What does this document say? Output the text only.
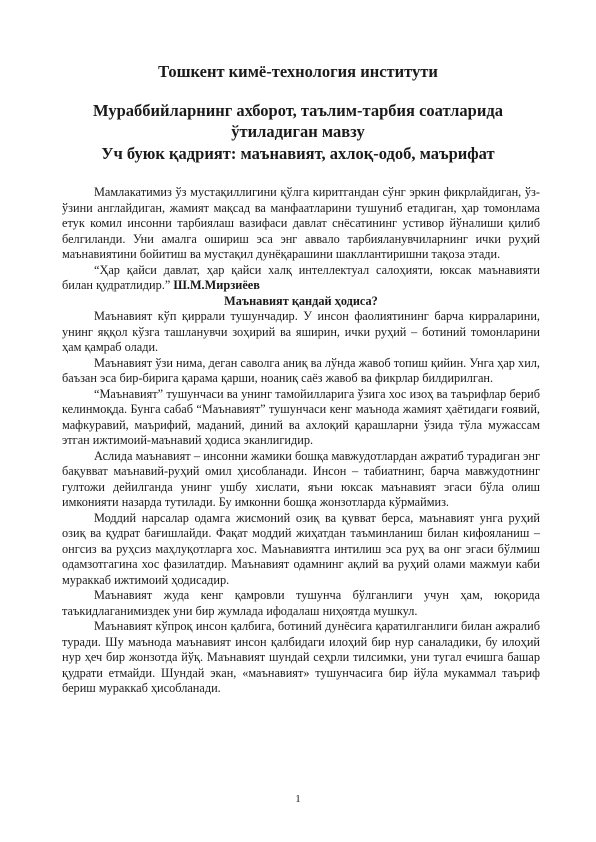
Тошкент кимё-технология институти
Мураббийларнинг ахборот, таълим-тарбия соатларида
ўтиладиган мавзу
Уч буюк қадрият: маънавият, ахлоқ-одоб, маърифат

Мамлакатимиз ўз мустақиллигини қўлга киритгандан сўнг эркин фикрлайдиган, ўз-ўзини англайдиган, жамият мақсад ва манфаатларини тушуниб етадиган, ҳар томонлама етук комил инсонни тарбиялаш вазифаси давлат снёсатининг устивор йўналиши қилиб белгиланди. Уни амалга ошириш эса энг аввало тарбияланувчиларнинг ички руҳий маънавиятини бойитиш ва мустақил дунёқарашини шакллантиришни тақоза этади.

“Ҳар қайси давлат, ҳар қайси халқ интеллектуал салоҳияти, юксак маънавияти билан қудратлидир.” Ш.М.Мирзиёев

Маънавият қандай ҳодиса?

Маънавият кўп қиррали тушунчадир. У инсон фаолиятининг барча кирраларини, унинг яққол кўзга ташланувчи зоҳирий ва яширин, ички руҳий – ботиний томонларини ҳам қамраб олади.

Маънавият ўзи нима, деган саволга аниқ ва лўнда жавоб топиш қийин. Унга ҳар хил, баъзан эса бир-бирига қарама қарши, ноаниқ саёз жавоб ва фикрлар билдирилган.

“Маънавият” тушунчаси ва унинг тамойилларига ўзига хос изоҳ ва таърифлар бериб келинмоқда. Бунга сабаб “Маънавият” тушунчаси кенг маънода жамият ҳаётидаги ғоявий, мафкуравий, маърифий, маданий, диний ва ахлоқий қарашларни ўзида тўла мужассам этган ижтимоий-маънавий ҳодиса эканлигидир.

Аслида маънавият – инсонни жамики бошқа мавжудотлардан ажратиб турадиган энг бақувват маънавий-руҳий омил ҳисобланади. Инсон – табиатнинг, барча мавжудотнинг гултожи дейилганда унинг ушбу хислати, яъни юксак маънавият эгаси бўла олиш имконияти назарда тутилади. Бу имконни бошқа жонзотларда кўрмаймиз.

Моддий нарсалар одамга жисмоний озиқ ва қувват берса, маънавият унга руҳий озиқ ва қудрат бағишлайди. Фақат моддий жиҳатдан таъминланиш билан кифояланиш – онгсиз ва руҳсиз маҳлуқотларга хос. Маънавиятга интилиш эса руҳ ва онг эгаси бўлмиш одамзотгагина хос фазилатдир. Маънавият одамнинг ақлий ва руҳий олами мажмуи каби мураккаб ижтимоий ҳодисадир.

Маънавият жуда кенг қамровли тушунча бўлганлиги учун ҳам, юқорида таъкидлаганимиздек уни бир жумлада ифодалаш ниҳоятда мушкул.

Маънавият кўпроқ инсон қалбига, ботиний дунёсига қаратилганлиги билан ажралиб туради. Шу маънода маънавият инсон қалбидаги илоҳий бир нур саналадики, бу илоҳий нур ҳеч бир жонзотда йўқ. Маънавият шундай сеҳрли тилсимки, уни тугал ечишга башар қудрати етмайди. Шундай экан, «маънавият» тушунчасига бир йўла мукаммал таъриф бериш мураккаб ҳисобланади.

1
